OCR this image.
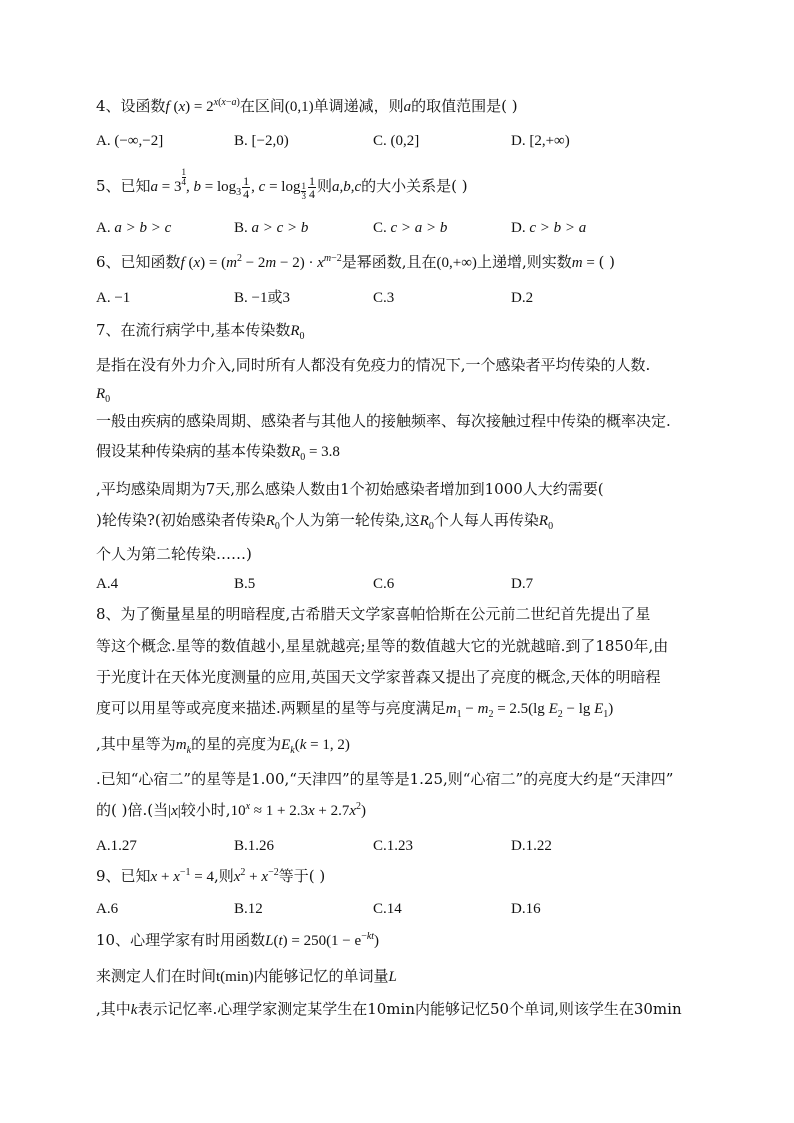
4、设函数f $(x) = 2^{x(x-a)}$在区间(0,1)单调递减，则a的取值范围是( )
A. (−∞,−2]	B. [−2,0)	C. (0,2]	D. [2,+∞)
5、已知$a = 3 \frac{1}{4}$ , $b = \log_3 \frac{1}{4}$ , $c = \log \frac{1}{3} \frac{1}{4}$ 则a,b,c的大小关系是( )
A. a > b > c	B. a > c > b	C. c > a > b	D. c > b > a
6、已知函数f $(x) = (m^2 - 2m - 2) \cdot x^{m-2}$是幂函数,且在(0,+∞)上递增,则实数m = ( )
A. −1	B. −1或3	C.3	D.2
7、在流行病学中,基本传染数$R_0$
是指在没有外力介入,同时所有人都没有免疫力的情况下,一个感染者平均传染的人数.
$R_0$
一般由疾病的感染周期、感染者与其他人的接触频率、每次接触过程中传染的概率决定.
假设某种传染病的基本传染数$R_0 = 3.8$
,平均感染周期为7天,那么感染人数由1个初始感染者增加到1000人大约需要(
)轮传染?(初始感染者传染$R_0$个人为第一轮传染,这$R_0$个人每人再传染$R_0$
个人为第二轮传染……)
A.4	B.5	C.6	D.7
8、为了衡量星星的明暗程度,古希腊天文学家喜帕恰斯在公元前二世纪首先提出了星
等这个概念.星等的数值越小,星星就越亮;星等的数值越大它的光就越暗.到了1850年,由
于光度计在天体光度测量的应用,英国天文学家普森又提出了亮度的概念,天体的明暗程
度可以用星等或亮度来描述.两颗星的星等与亮度满足$m_1 - m_2 = 2.5(\lg$ $E_2 - \lg E_1$)
,其中星等为$m_k$的星的亮度为$E_k(k = 1$, 2)
.已知“心宿二”的星等是1.00,“天津四”的星等是1.25,则“心宿二”的亮度大约是“天津四”
的( )倍.(当|x|较小时$,10^x \approx 1 + 2.3x + 2.7x^2$)
A.1.27	B.1.26	C.1.23	D.1.22
9、已知$x + x^{-1} = 4$,则$x^2 + x^{-2}$等于( )
A.6	B.12	C.14	D.16
10、心理学家有时用函数$L(t) = 250(1 - e^{-kt})$
来测定人们在时间t(min)内能够记忆的单词量L
,其中k表示记忆率.心理学家测定某学生在10min内能够记忆50个单词,则该学生在30min
